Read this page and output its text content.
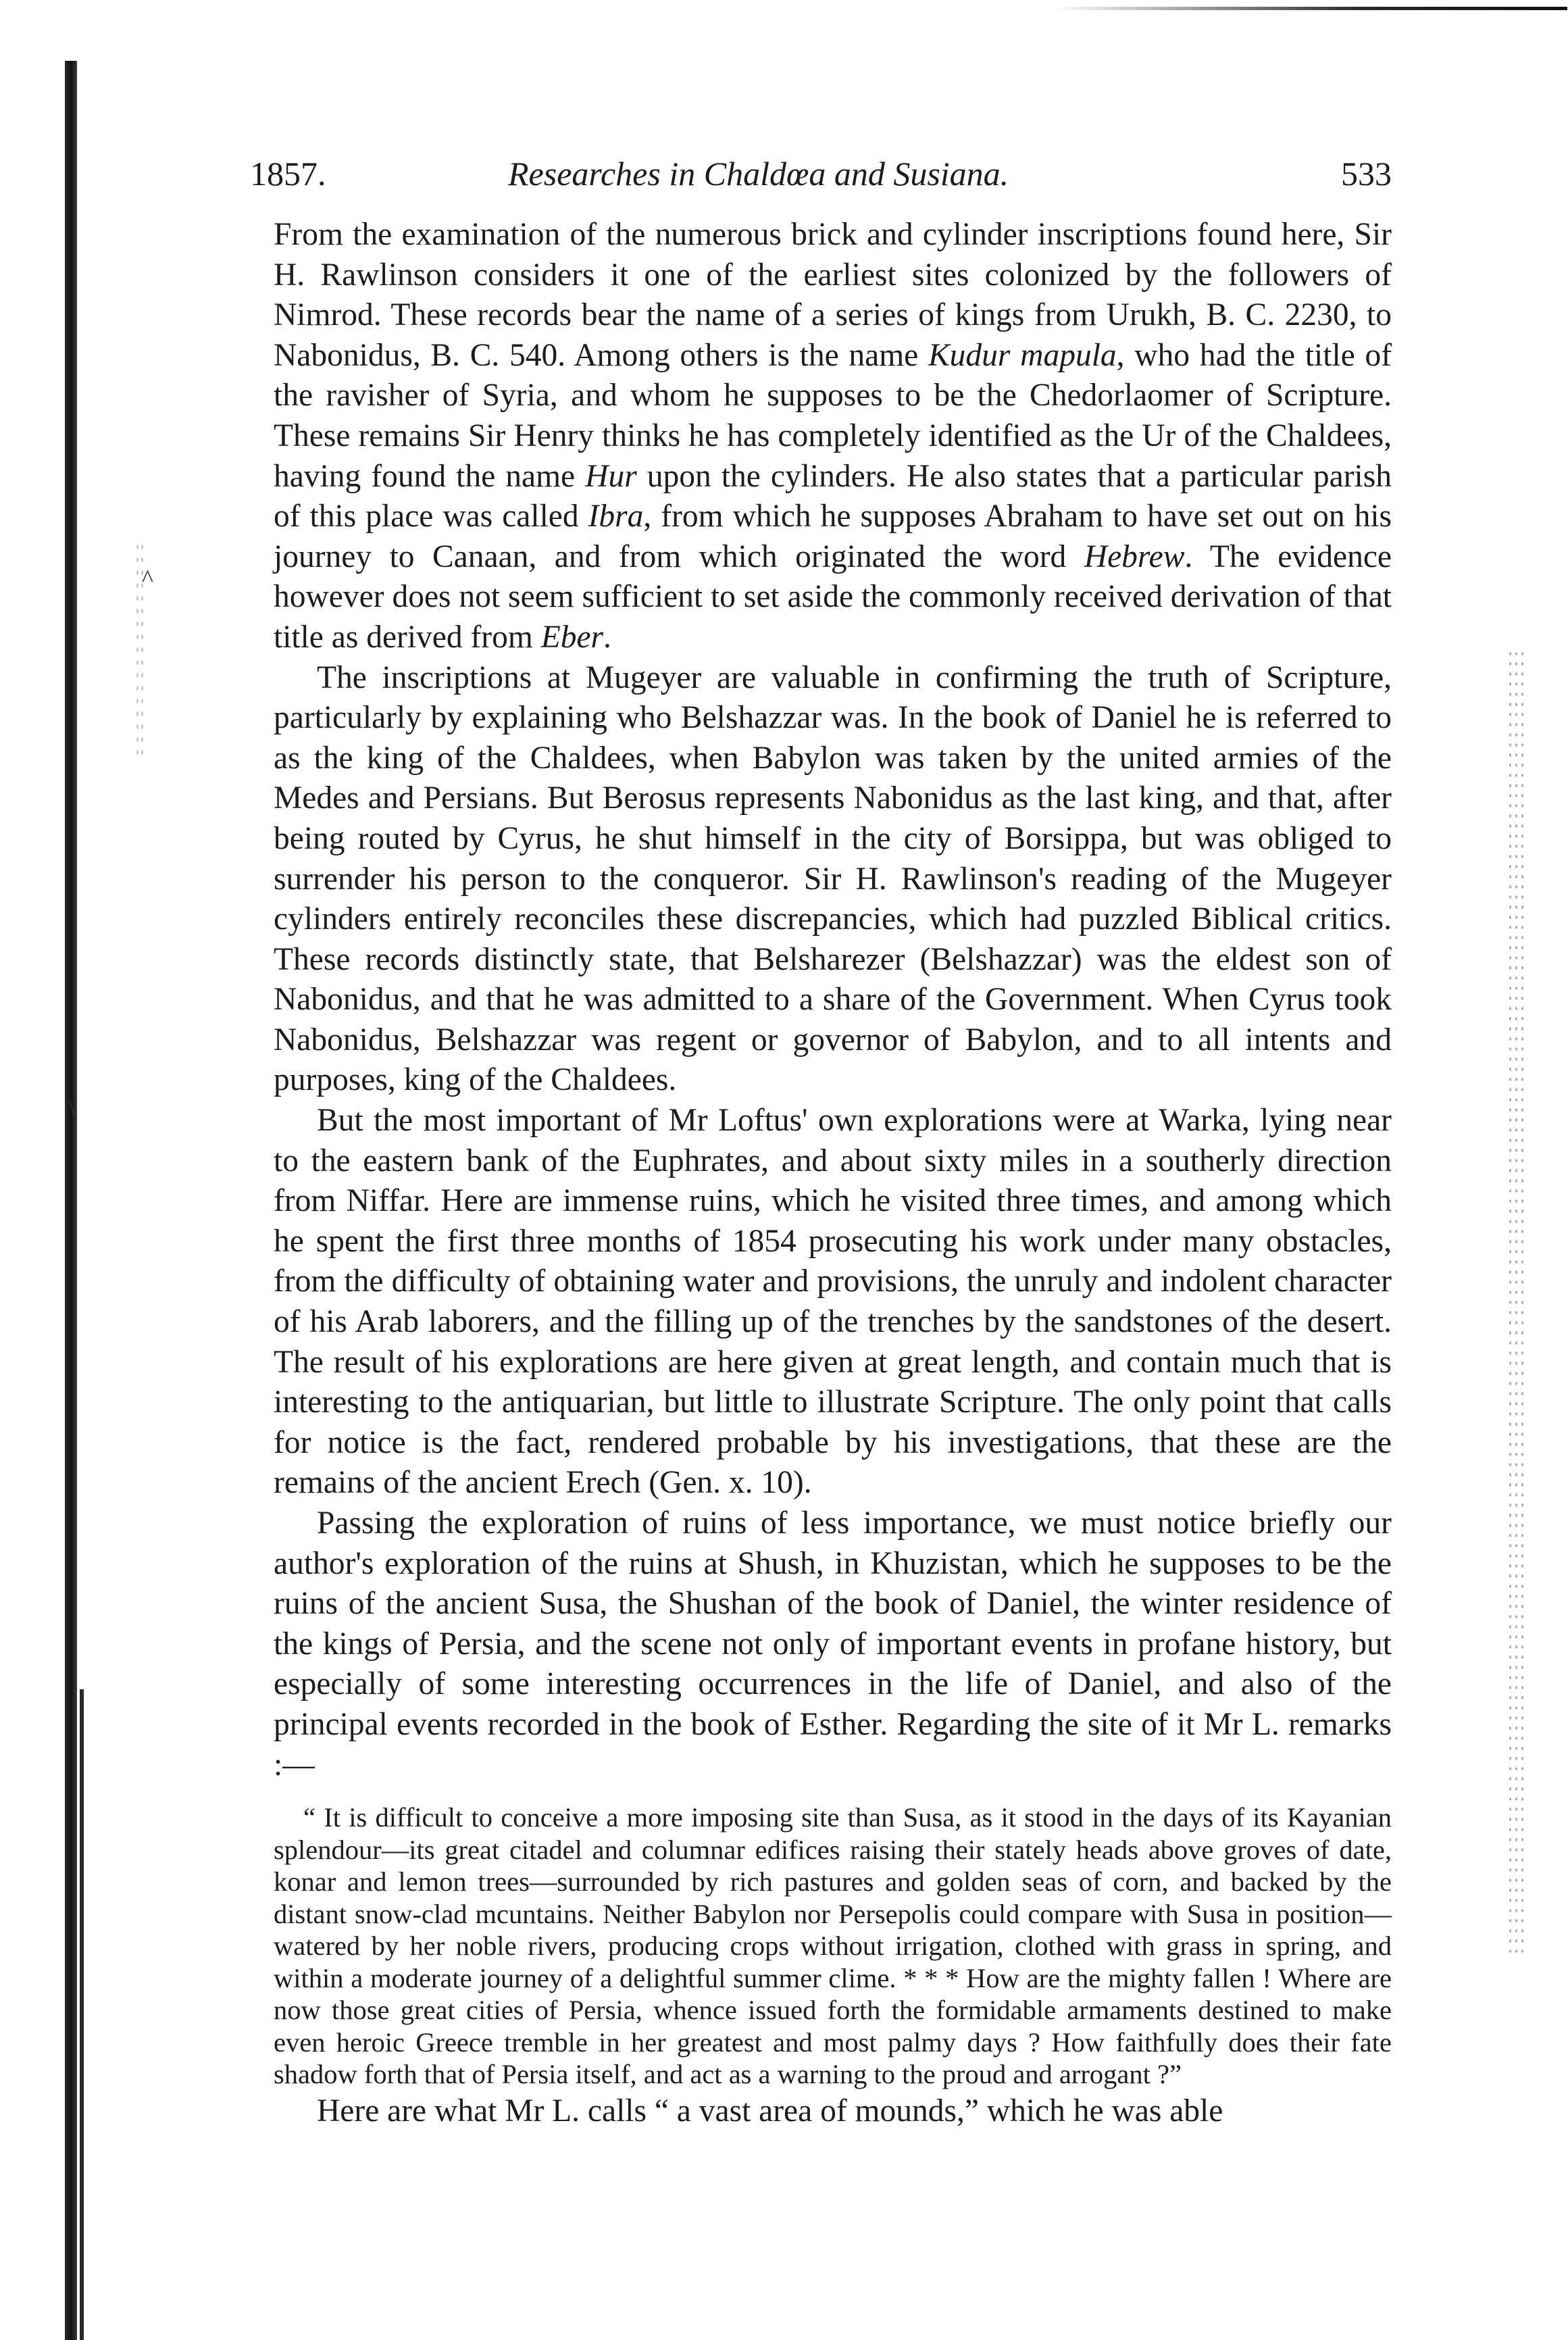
^
\
1857.	Researches in Chaldœa and Susiana.	533

From the examination of the numerous brick and cylinder inscriptions found here, Sir H. Rawlinson considers it one of the earliest sites colonized by the followers of Nimrod. These records bear the name of a series of kings from Urukh, B. C. 2230, to Nabonidus, B. C. 540. Among others is the name Kudur mapula, who had the title of the ravisher of Syria, and whom he supposes to be the Chedorlaomer of Scripture. These remains Sir Henry thinks he has completely identified as the Ur of the Chaldees, having found the name Hur upon the cylinders. He also states that a particular parish of this place was called Ibra, from which he supposes Abraham to have set out on his journey to Canaan, and from which originated the word Hebrew. The evidence however does not seem sufficient to set aside the commonly received derivation of that title as derived from Eber.

The inscriptions at Mugeyer are valuable in confirming the truth of Scripture, particularly by explaining who Belshazzar was. In the book of Daniel he is referred to as the king of the Chaldees, when Babylon was taken by the united armies of the Medes and Persians. But Berosus represents Nabonidus as the last king, and that, after being routed by Cyrus, he shut himself in the city of Borsippa, but was obliged to surrender his person to the conqueror. Sir H. Rawlinson's reading of the Mugeyer cylinders entirely reconciles these discrepancies, which had puzzled Biblical critics. These records distinctly state, that Belsharezer (Belshazzar) was the eldest son of Nabonidus, and that he was admitted to a share of the Government. When Cyrus took Nabonidus, Belshazzar was regent or governor of Babylon, and to all intents and purposes, king of the Chaldees.

But the most important of Mr Loftus' own explorations were at Warka, lying near to the eastern bank of the Euphrates, and about sixty miles in a southerly direction from Niffar. Here are immense ruins, which he visited three times, and among which he spent the first three months of 1854 prosecuting his work under many obstacles, from the difficulty of obtaining water and provisions, the unruly and indolent character of his Arab laborers, and the filling up of the trenches by the sandstones of the desert. The result of his explorations are here given at great length, and contain much that is interesting to the antiquarian, but little to illustrate Scripture. The only point that calls for notice is the fact, rendered probable by his investigations, that these are the remains of the ancient Erech (Gen. x. 10).

Passing the exploration of ruins of less importance, we must notice briefly our author's exploration of the ruins at Shush, in Khuzistan, which he supposes to be the ruins of the ancient Susa, the Shushan of the book of Daniel, the winter residence of the kings of Persia, and the scene not only of important events in profane history, but especially of some interesting occurrences in the life of Daniel, and also of the principal events recorded in the book of Esther. Regarding the site of it Mr L. remarks :—

“ It is difficult to conceive a more imposing site than Susa, as it stood in the days of its Kayanian splendour—its great citadel and columnar edifices raising their stately heads above groves of date, konar and lemon trees—surrounded by rich pastures and golden seas of corn, and backed by the distant snow-clad mcuntains. Neither Babylon nor Persepolis could compare with Susa in position—watered by her noble rivers, producing crops without irrigation, clothed with grass in spring, and within a moderate journey of a delightful summer clime. * * * How are the mighty fallen ! Where are now those great cities of Persia, whence issued forth the formidable armaments destined to make even heroic Greece tremble in her greatest and most palmy days ? How faithfully does their fate shadow forth that of Persia itself, and act as a warning to the proud and arrogant ?”

Here are what Mr L. calls “ a vast area of mounds,” which he was able
